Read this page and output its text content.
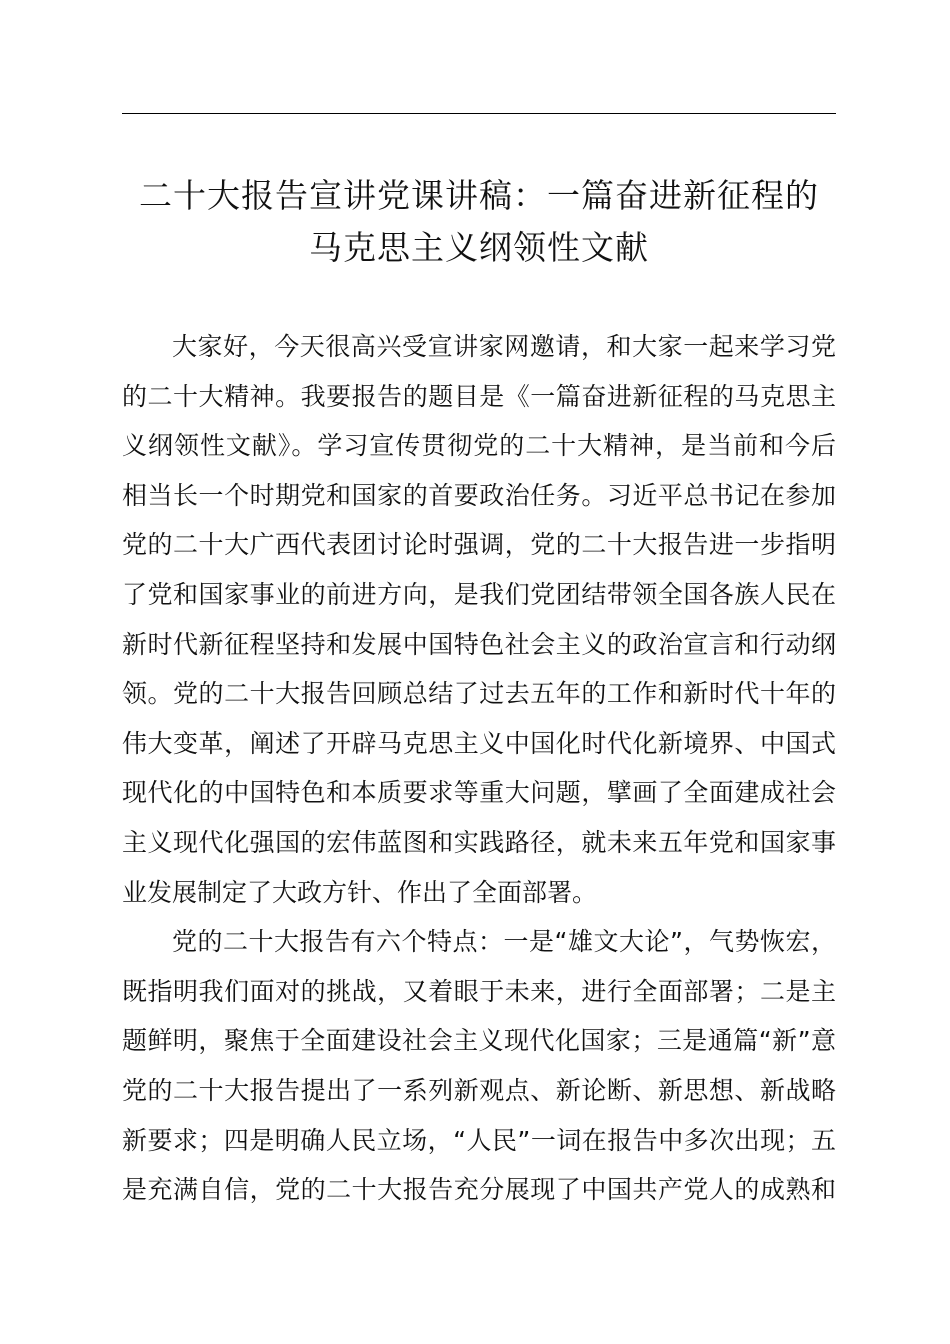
二十大报告宣讲党课讲稿：一篇奋进新征程的
马克思主义纲领性文献

大家好，今天很高兴受宣讲家网邀请，和大家一起来学习党
的二十大精神。我要报告的题目是《一篇奋进新征程的马克思主
义纲领性文献》。学习宣传贯彻党的二十大精神，是当前和今后
相当长一个时期党和国家的首要政治任务。习近平总书记在参加
党的二十大广西代表团讨论时强调，党的二十大报告进一步指明
了党和国家事业的前进方向，是我们党团结带领全国各族人民在
新时代新征程坚持和发展中国特色社会主义的政治宣言和行动纲
领。党的二十大报告回顾总结了过去五年的工作和新时代十年的
伟大变革，阐述了开辟马克思主义中国化时代化新境界、中国式
现代化的中国特色和本质要求等重大问题，擘画了全面建成社会
主义现代化强国的宏伟蓝图和实践路径，就未来五年党和国家事
业发展制定了大政方针、作出了全面部署。

党的二十大报告有六个特点：一是“雄文大论”，气势恢宏，
既指明我们面对的挑战，又着眼于未来，进行全面部署；二是主
题鲜明，聚焦于全面建设社会主义现代化国家；三是通篇“新”意
党的二十大报告提出了一系列新观点、新论断、新思想、新战略
新要求；四是明确人民立场，“人民”一词在报告中多次出现；五
是充满自信，党的二十大报告充分展现了中国共产党人的成熟和
